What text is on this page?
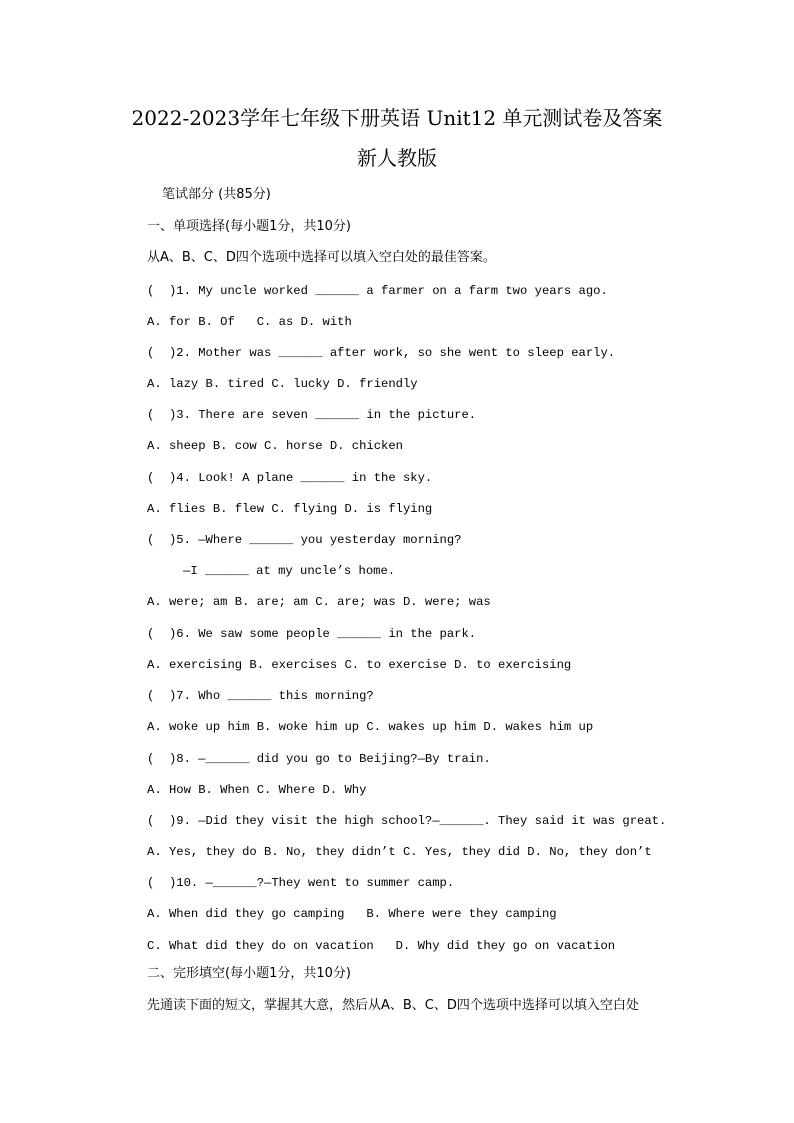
2022-2023学年七年级下册英语 Unit12 单元测试卷及答案
新人教版
笔试部分 (共85分)
一、单项选择(每小题1分，共10分)
从A、B、C、D四个选项中选择可以填入空白处的最佳答案。
(  )1. My uncle worked ______ a farmer on a farm two years ago.
A. for B. Of   C. as D. with
(  )2. Mother was ______ after work, so she went to sleep early.
A. lazy B. tired C. lucky D. friendly
(  )3. There are seven ______ in the picture.
A. sheep B. cow C. horse D. chicken
(  )4. Look! A plane ______ in the sky.
A. flies B. flew C. flying D. is flying
(  )5. —Where ______ you yesterday morning?
—I ______ at my uncle’s home.
A. were; am B. are; am C. are; was D. were; was
(  )6. We saw some people ______ in the park.
A. exercising B. exercises C. to exercise D. to exercising
(  )7. Who ______ this morning?
A. woke up him B. woke him up C. wakes up him D. wakes him up
(  )8. —______ did you go to Beijing?—By train.
A. How B. When C. Where D. Why
(  )9. —Did they visit the high school?—______. They said it was great.
A. Yes, they do B. No, they didn’t C. Yes, they did D. No, they don’t
(  )10. —______?—They went to summer camp.
A. When did they go camping   B. Where were they camping
C. What did they do on vacation   D. Why did they go on vacation
二、完形填空(每小题1分，共10分)
先通读下面的短文，掌握其大意，然后从A、B、C、D四个选项中选择可以填入空白处
